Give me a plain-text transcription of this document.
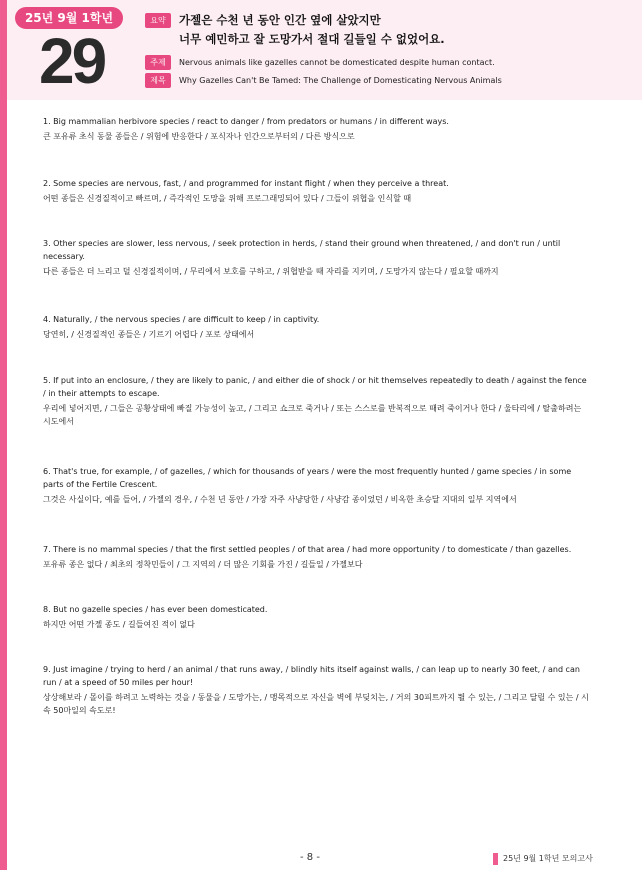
25년 9월 1학년
29
요약	가젤은 수천 년 동안 인간 옆에 살았지만
너무 예민하고 잘 도망가서 절대 길들일 수 없었어요.
주제	Nervous animals like gazelles cannot be domesticated despite human contact.
제목	Why Gazelles Can't Be Tamed: The Challenge of Domesticating Nervous Animals
1. Big mammalian herbivore species / react to danger / from predators or humans / in different ways.
큰 포유류 초식 동물 종들은 / 위험에 반응한다 / 포식자나 인간으로부터의 / 다른 방식으로
2. Some species are nervous, fast, / and programmed for instant flight / when they perceive a threat.
어떤 종들은 신경질적이고 빠르며, / 즉각적인 도망을 위해 프로그래밍되어 있다 / 그들이 위협을 인식할 때
3. Other species are slower, less nervous, / seek protection in herds, / stand their ground when threatened, / and don't run / until necessary.
다른 종들은 더 느리고 덜 신경질적이며, / 무리에서 보호를 구하고, / 위협받을 때 자리를 지키며, / 도망가지 않는다 / 필요할 때까지
4. Naturally, / the nervous species / are difficult to keep / in captivity.
당연히, / 신경질적인 종들은 / 기르기 어렵다 / 포로 상태에서
5. If put into an enclosure, / they are likely to panic, / and either die of shock / or hit themselves repeatedly to death / against the fence / in their attempts to escape.
우리에 넣어지면, / 그들은 공황상태에 빠질 가능성이 높고, / 그리고 쇼크로 죽거나 / 또는 스스로를 반복적으로 때려 죽이거나 한다 / 울타리에 / 탈출하려는 시도에서
6. That's true, for example, / of gazelles, / which for thousands of years / were the most frequently hunted / game species / in some parts of the Fertile Crescent.
그것은 사실이다, 예를 들어, / 가젤의 경우, / 수천 년 동안 / 가장 자주 사냥당한 / 사냥감 종이었던 / 비옥한 초승달 지대의 일부 지역에서
7. There is no mammal species / that the first settled peoples / of that area / had more opportunity / to domesticate / than gazelles.
포유류 종은 없다 / 최초의 정착민들이 / 그 지역의 / 더 많은 기회를 가진 / 길들일 / 가젤보다
8. But no gazelle species / has ever been domesticated.
하지만 어떤 가젤 종도 / 길들여진 적이 없다
9. Just imagine / trying to herd / an animal / that runs away, / blindly hits itself against walls, / can leap up to nearly 30 feet, / and can run / at a speed of 50 miles per hour!
상상해보라 / 몰이를 하려고 노력하는 것을 / 동물을 / 도망가는, / 맹목적으로 자신을 벽에 부딪치는, / 거의 30피트까지 뛸 수 있는, / 그리고 달릴 수 있는 / 시속 50마일의 속도로!
- 8 -	25년 9월 1학년 모의고사
